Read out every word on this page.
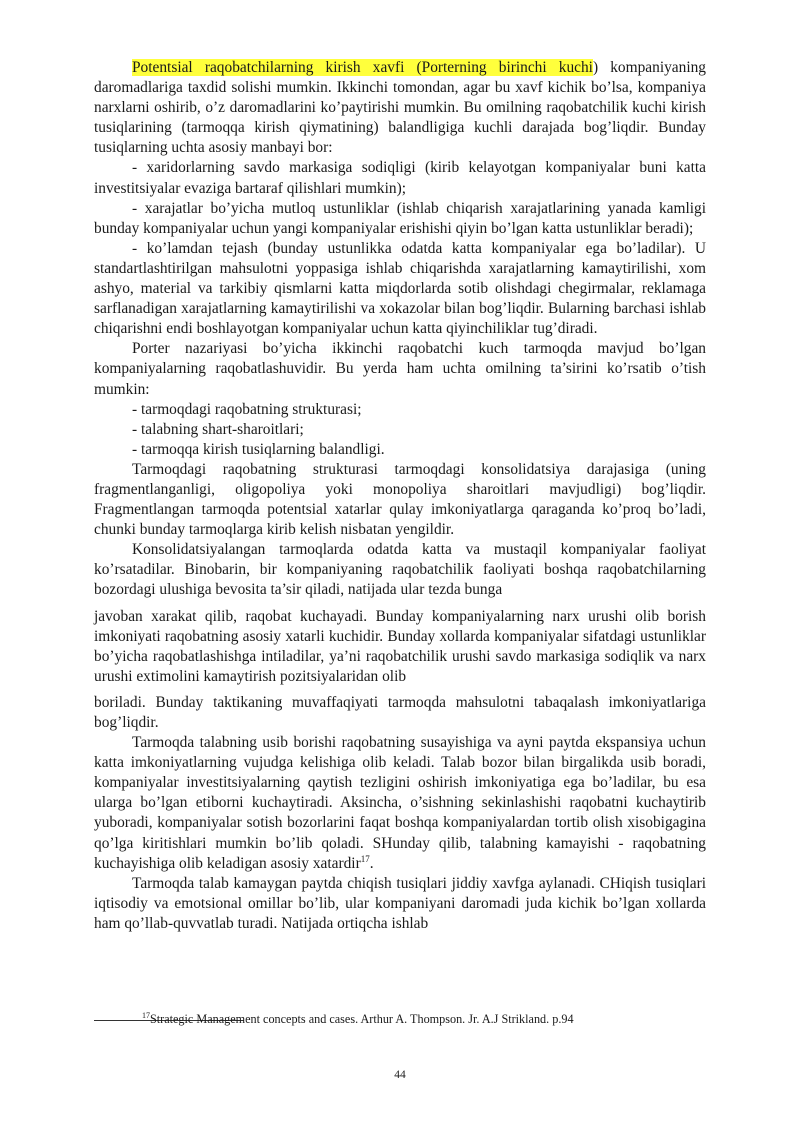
Potentsial raqobatchilarning kirish xavfi (Porterning birinchi kuchi) kompaniyaning daromadlariga taxdid solishi mumkin. Ikkinchi tomondan, agar bu xavf kichik bo’lsa, kompaniya narxlarni oshirib, o’z daromadlarini ko’paytirishi mumkin. Bu omilning raqobatchilik kuchi kirish tusiqlarining (tarmoqqa kirish qiymatining) balandligiga kuchli darajada bog’liqdir. Bunday tusiqlarning uchta asosiy manbayi bor:

- xaridorlarning savdo markasiga sodiqligi (kirib kelayotgan kompaniyalar buni katta investitsiyalar evaziga bartaraf qilishlari mumkin);

- xarajatlar bo’yicha mutloq ustunliklar (ishlab chiqarish xarajatlarining yanada kamligi bunday kompaniyalar uchun yangi kompaniyalar erishishi qiyin bo’lgan katta ustunliklar beradi);

- ko’lamdan tejash (bunday ustunlikka odatda katta kompaniyalar ega bo’ladilar). U standartlashtirilgan mahsulotni yoppasiga ishlab chiqarishda xarajatlarning kamaytirilishi, xom ashyo, material va tarkibiy qismlarni katta miqdorlarda sotib olishdagi chegirmalar, reklamaga sarflanadigan xarajatlarning kamaytirilishi va xokazolar bilan bog’liqdir. Bularning barchasi ishlab chiqarishni endi boshlayotgan kompaniyalar uchun katta qiyinchiliklar tug’diradi.

Porter nazariyasi bo’yicha ikkinchi raqobatchi kuch tarmoqda mavjud bo’lgan kompaniyalarning raqobatlashuvidir. Bu yerda ham uchta omilning ta’sirini ko’rsatib o’tish mumkin:

- tarmoqdagi raqobatning strukturasi;

- talabning shart-sharoitlari;

- tarmoqqa kirish tusiqlarning balandligi.

Tarmoqdagi raqobatning strukturasi tarmoqdagi konsolidatsiya darajasiga (uning fragmentlanganligi, oligopoliya yoki monopoliya sharoitlari mavjudligi) bog’liqdir. Fragmentlangan tarmoqda potentsial xatarlar qulay imkoniyatlarga qaraganda ko’proq bo’ladi, chunki bunday tarmoqlarga kirib kelish nisbatan yengildir.

Konsolidatsiyalangan tarmoqlarda odatda katta va mustaqil kompaniyalar faoliyat ko’rsatadilar. Binobarin, bir kompaniyaning raqobatchilik faoliyati boshqa raqobatchilarning bozordagi ulushiga bevosita ta’sir qiladi, natijada ular tezda bunga

javoban xarakat qilib, raqobat kuchayadi. Bunday kompaniyalarning narx urushi olib borish imkoniyati raqobatning asosiy xatarli kuchidir. Bunday xollarda kompaniyalar sifatdagi ustunliklar bo’yicha raqobatlashishga intiladilar, ya’ni raqobatchilik urushi savdo markasiga sodiqlik va narx urushi extimolini kamaytirish pozitsiyalaridan olib

boriladi. Bunday taktikaning muvaffaqiyati tarmoqda mahsulotni tabaqalash imkoniyatlariga bog’liqdir.

Tarmoqda talabning usib borishi raqobatning susayishiga va ayni paytda ekspansiya uchun katta imkoniyatlarning vujudga kelishiga olib keladi. Talab bozor bilan birgalikda usib boradi, kompaniyalar investitsiyalarning qaytish tezligini oshirish imkoniyatiga ega bo’ladilar, bu esa ularga bo’lgan etiborni kuchaytiradi. Aksincha, o’sishning sekinlashishi raqobatni kuchaytirib yuboradi, kompaniyalar sotish bozorlarini faqat boshqa kompaniyalardan tortib olish xisobigagina qo’lga kiritishlari mumkin bo’lib qoladi. SHunday qilib, talabning kamayishi - raqobatning kuchayishiga olib keladigan asosiy xatardir$^{17}$.

Tarmoqda talab kamaygan paytda chiqish tusiqlari jiddiy xavfga aylanadi. CHiqish tusiqlari iqtisodiy va emotsional omillar bo’lib, ular kompaniyani daromadi juda kichik bo’lgan xollarda ham qo’llab-quvvatlab turadi. Natijada ortiqcha ishlab

$^{17}$Strategic Management concepts and cases. Arthur A. Thompson. Jr. A.J Strikland. p.94
44
